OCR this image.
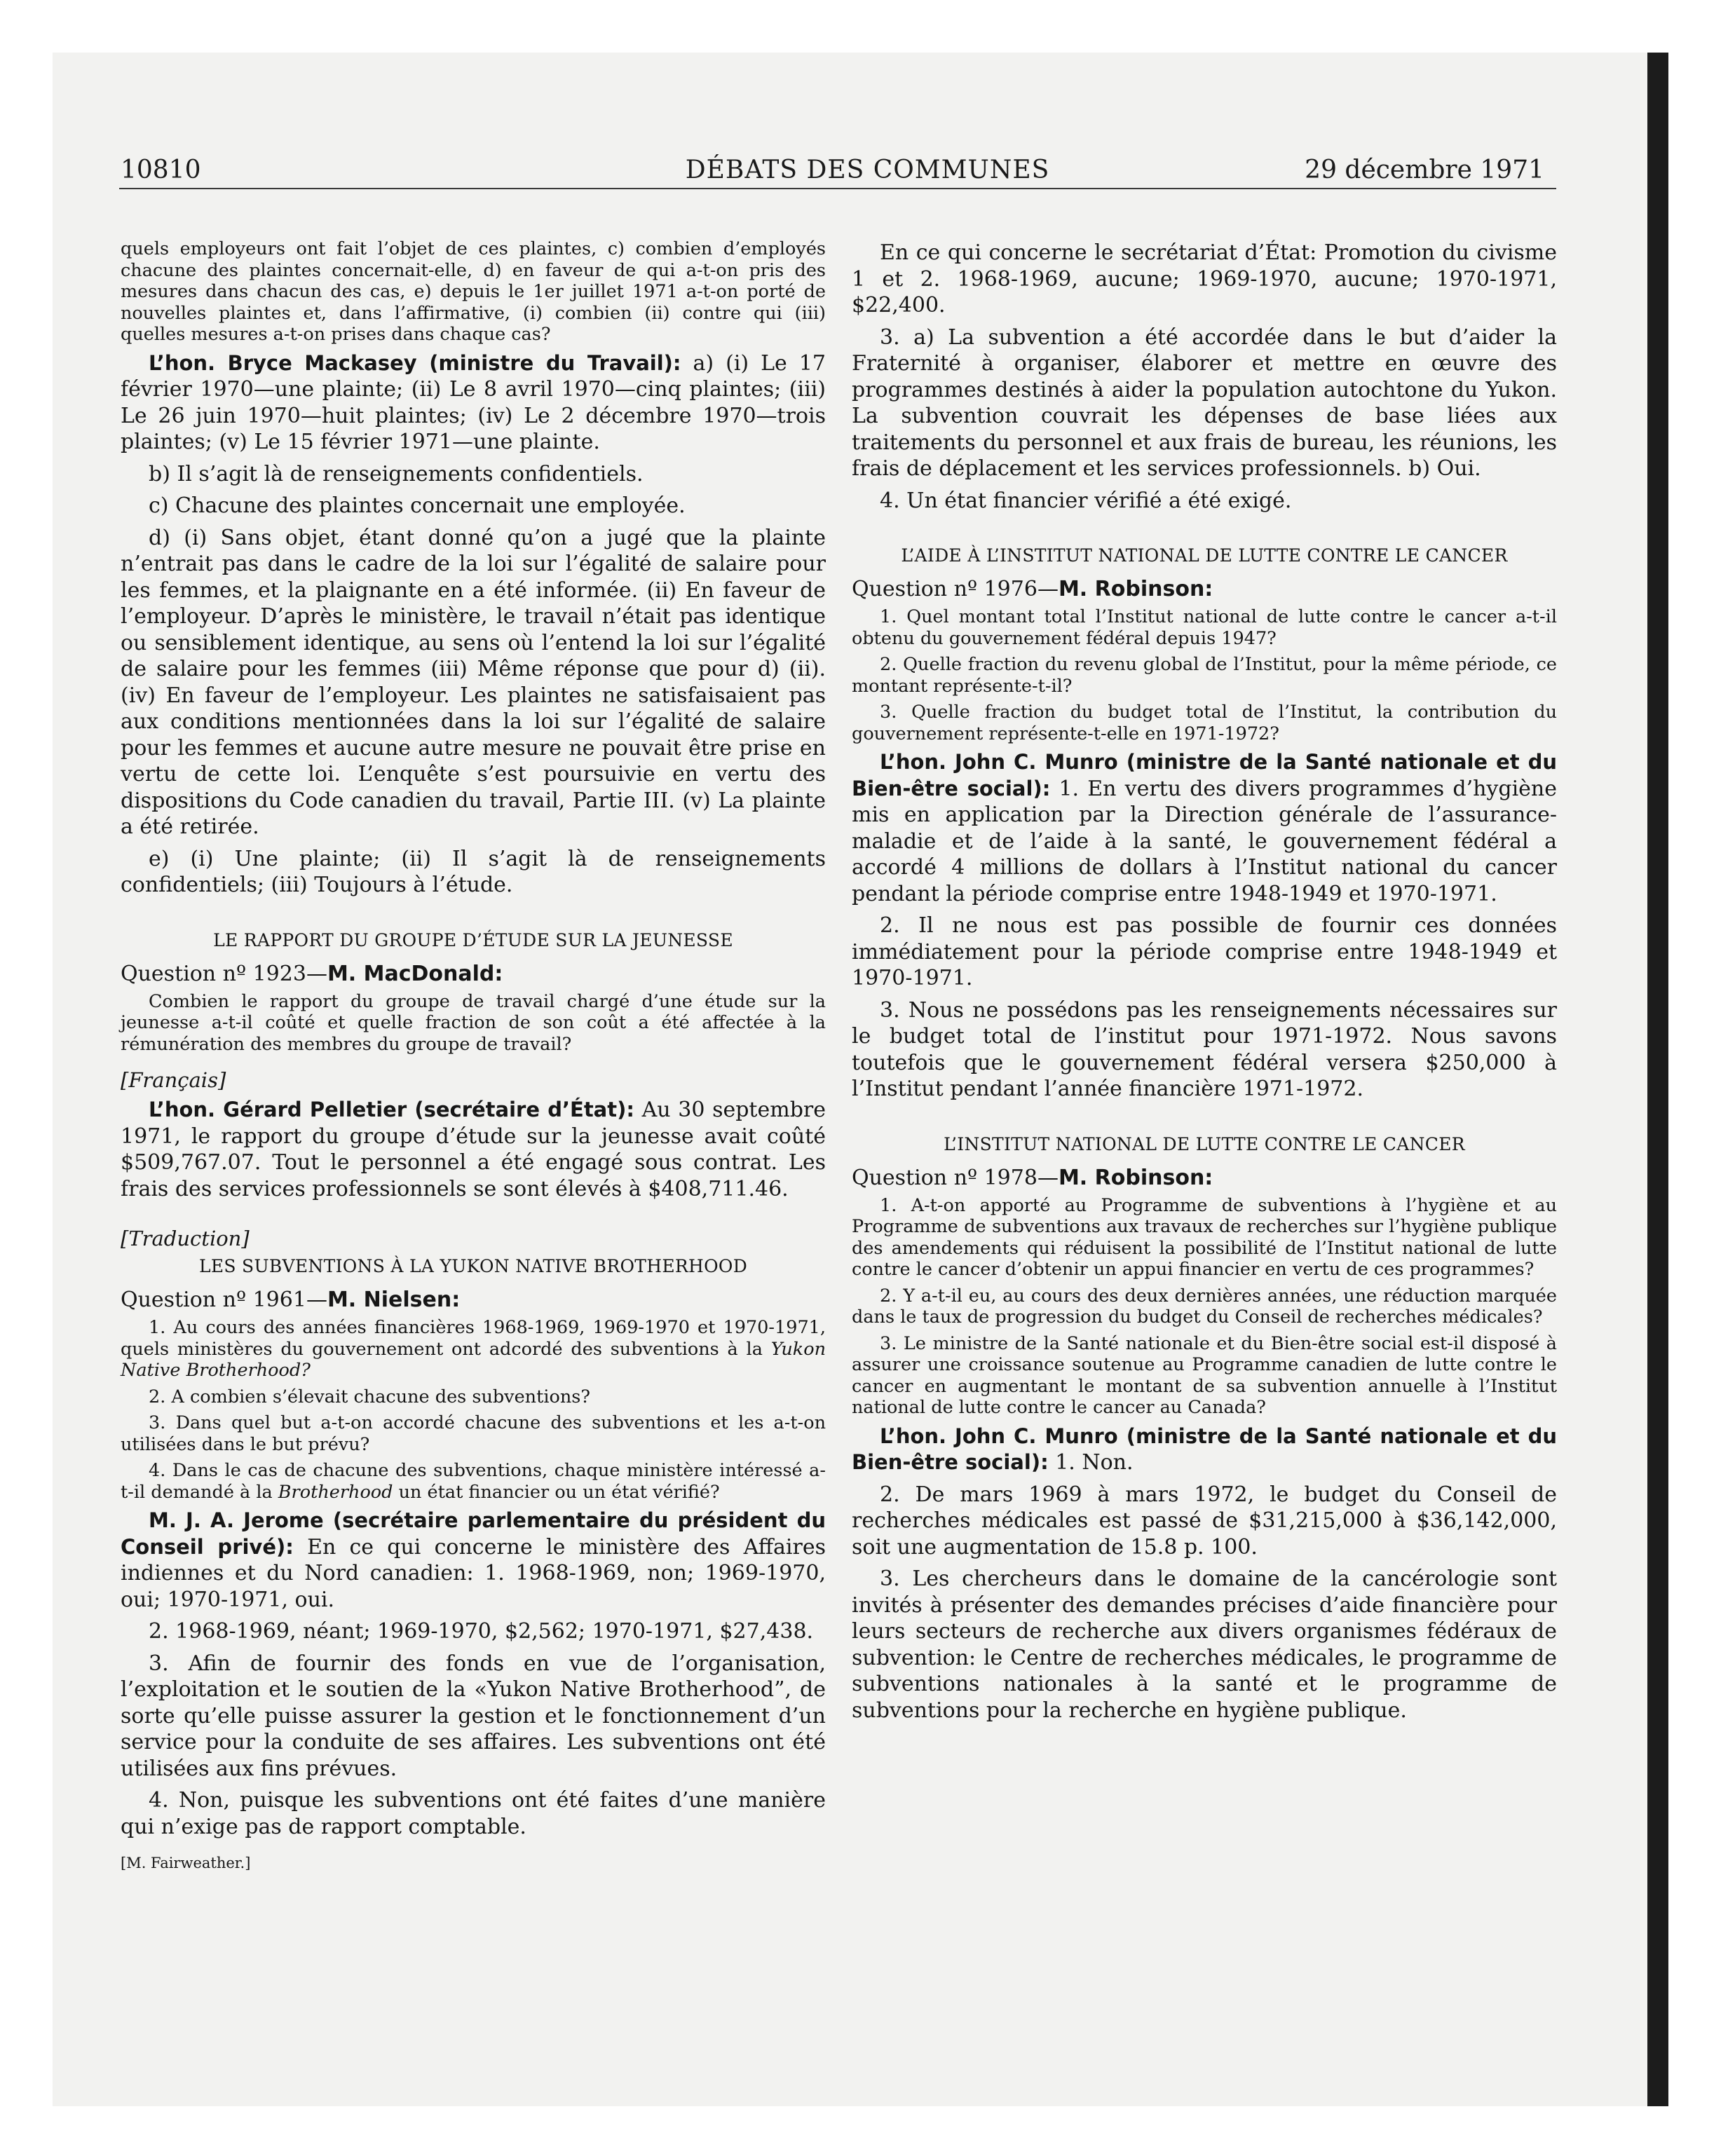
10810	DÉBATS DES COMMUNES	29 décembre 1971

quels employeurs ont fait l’objet de ces plaintes, c) combien d’employés chacune des plaintes concernait-elle, d) en faveur de qui a-t-on pris des mesures dans chacun des cas, e) depuis le 1er juillet 1971 a-t-on porté de nouvelles plaintes et, dans l’affirmative, (i) combien (ii) contre qui (iii) quelles mesures a-t-on prises dans chaque cas?

L’hon. Bryce Mackasey (ministre du Travail): a) (i) Le 17 février 1970—une plainte; (ii) Le 8 avril 1970—cinq plaintes; (iii) Le 26 juin 1970—huit plaintes; (iv) Le 2 décembre 1970—trois plaintes; (v) Le 15 février 1971—une plainte.

b) Il s’agit là de renseignements confidentiels.

c) Chacune des plaintes concernait une employée.

d) (i) Sans objet, étant donné qu’on a jugé que la plainte n’entrait pas dans le cadre de la loi sur l’égalité de salaire pour les femmes, et la plaignante en a été informée. (ii) En faveur de l’employeur. D’après le ministère, le travail n’était pas identique ou sensiblement identique, au sens où l’entend la loi sur l’égalité de salaire pour les femmes (iii) Même réponse que pour d) (ii). (iv) En faveur de l’employeur. Les plaintes ne satisfaisaient pas aux conditions mentionnées dans la loi sur l’égalité de salaire pour les femmes et aucune autre mesure ne pouvait être prise en vertu de cette loi. L’enquête s’est poursuivie en vertu des dispositions du Code canadien du travail, Partie III. (v) La plainte a été retirée.

e) (i) Une plainte; (ii) Il s’agit là de renseignements confidentiels; (iii) Toujours à l’étude.

LE RAPPORT DU GROUPE D’ÉTUDE SUR LA JEUNESSE

Question nº 1923—M. MacDonald:

Combien le rapport du groupe de travail chargé d’une étude sur la jeunesse a-t-il coûté et quelle fraction de son coût a été affectée à la rémunération des membres du groupe de travail?

[Français]

L’hon. Gérard Pelletier (secrétaire d’État): Au 30 septembre 1971, le rapport du groupe d’étude sur la jeunesse avait coûté $509,767.07. Tout le personnel a été engagé sous contrat. Les frais des services professionnels se sont élevés à $408,711.46.

[Traduction]

LES SUBVENTIONS À LA YUKON NATIVE BROTHERHOOD

Question nº 1961—M. Nielsen:

1. Au cours des années financières 1968-1969, 1969-1970 et 1970-1971, quels ministères du gouvernement ont adcordé des subventions à la Yukon Native Brotherhood?

2. A combien s’élevait chacune des subventions?

3. Dans quel but a-t-on accordé chacune des subventions et les a-t-on utilisées dans le but prévu?

4. Dans le cas de chacune des subventions, chaque ministère intéressé a-t-il demandé à la Brotherhood un état financier ou un état vérifié?

M. J. A. Jerome (secrétaire parlementaire du président du Conseil privé): En ce qui concerne le ministère des Affaires indiennes et du Nord canadien: 1. 1968-1969, non; 1969-1970, oui; 1970-1971, oui.

2. 1968-1969, néant; 1969-1970, $2,562; 1970-1971, $27,438.

3. Afin de fournir des fonds en vue de l’organisation, l’exploitation et le soutien de la «Yukon Native Brotherhood”, de sorte qu’elle puisse assurer la gestion et le fonctionnement d’un service pour la conduite de ses affaires. Les subventions ont été utilisées aux fins prévues.

4. Non, puisque les subventions ont été faites d’une manière qui n’exige pas de rapport comptable.

[M. Fairweather.]

En ce qui concerne le secrétariat d’État: Promotion du civisme 1 et 2. 1968-1969, aucune; 1969-1970, aucune; 1970-1971, $22,400.

3. a) La subvention a été accordée dans le but d’aider la Fraternité à organiser, élaborer et mettre en œuvre des programmes destinés à aider la population autochtone du Yukon. La subvention couvrait les dépenses de base liées aux traitements du personnel et aux frais de bureau, les réunions, les frais de déplacement et les services professionnels. b) Oui.

4. Un état financier vérifié a été exigé.

L’AIDE À L’INSTITUT NATIONAL DE LUTTE CONTRE LE CANCER

Question nº 1976—M. Robinson:

1. Quel montant total l’Institut national de lutte contre le cancer a-t-il obtenu du gouvernement fédéral depuis 1947?

2. Quelle fraction du revenu global de l’Institut, pour la même période, ce montant représente-t-il?

3. Quelle fraction du budget total de l’Institut, la contribution du gouvernement représente-t-elle en 1971-1972?

L’hon. John C. Munro (ministre de la Santé nationale et du Bien-être social): 1. En vertu des divers programmes d’hygiène mis en application par la Direction générale de l’assurance-maladie et de l’aide à la santé, le gouvernement fédéral a accordé 4 millions de dollars à l’Institut national du cancer pendant la période comprise entre 1948-1949 et 1970-1971.

2. Il ne nous est pas possible de fournir ces données immédiatement pour la période comprise entre 1948-1949 et 1970-1971.

3. Nous ne possédons pas les renseignements nécessaires sur le budget total de l’institut pour 1971-1972. Nous savons toutefois que le gouvernement fédéral versera $250,000 à l’Institut pendant l’année financière 1971-1972.

L’INSTITUT NATIONAL DE LUTTE CONTRE LE CANCER

Question nº 1978—M. Robinson:

1. A-t-on apporté au Programme de subventions à l’hygiène et au Programme de subventions aux travaux de recherches sur l’hygiène publique des amendements qui réduisent la possibilité de l’Institut national de lutte contre le cancer d’obtenir un appui financier en vertu de ces programmes?

2. Y a-t-il eu, au cours des deux dernières années, une réduction marquée dans le taux de progression du budget du Conseil de recherches médicales?

3. Le ministre de la Santé nationale et du Bien-être social est-il disposé à assurer une croissance soutenue au Programme canadien de lutte contre le cancer en augmentant le montant de sa subvention annuelle à l’Institut national de lutte contre le cancer au Canada?

L’hon. John C. Munro (ministre de la Santé nationale et du Bien-être social): 1. Non.

2. De mars 1969 à mars 1972, le budget du Conseil de recherches médicales est passé de $31,215,000 à $36,142,000, soit une augmentation de 15.8 p. 100.

3. Les chercheurs dans le domaine de la cancérologie sont invités à présenter des demandes précises d’aide financière pour leurs secteurs de recherche aux divers organismes fédéraux de subvention: le Centre de recherches médicales, le programme de subventions nationales à la santé et le programme de subventions pour la recherche en hygiène publique.
